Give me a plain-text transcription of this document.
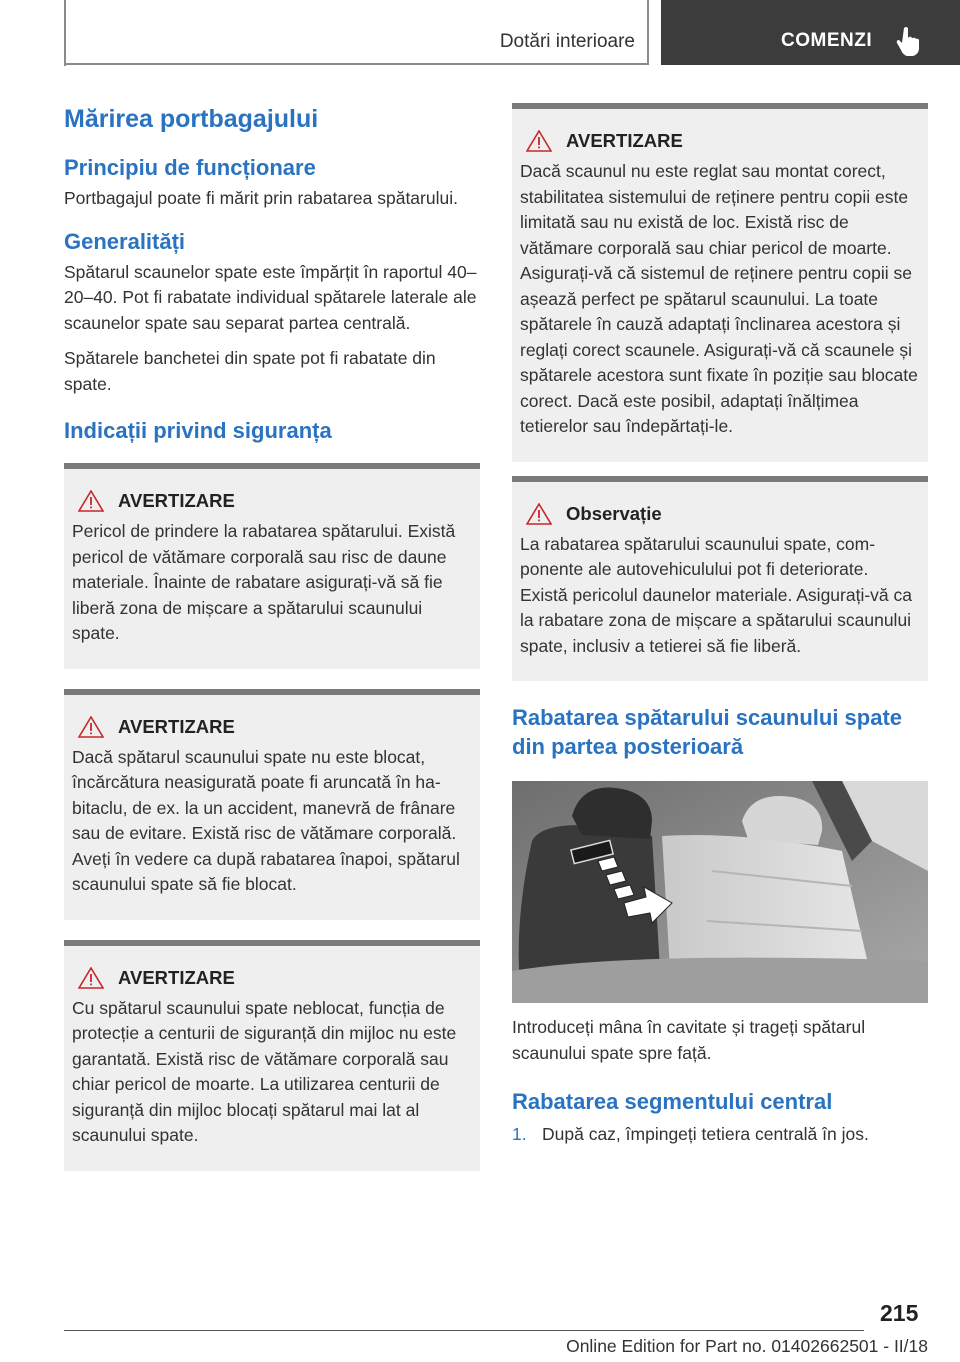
Dotări interioare	COMENZI
Mărirea portbagajului
Principiu de funcționare

Portbagajul poate fi mărit prin rabatarea spătarului.

Generalități

Spătarul scaunelor spate este împărțit în raportul 40–20–40. Pot fi rabatate individual spătarele laterale ale scaunelor spate sau separat partea centrală.

Spătarele banchetei din spate pot fi rabatate din spate.

Indicații privind siguranța
AVERTIZARE

Pericol de prindere la rabatarea spătarului. Există pericol de vătămare corporală sau risc de daune materiale. Înainte de rabatare asigurați-vă să fie liberă zona de mișcare a spătarului scaunului spate.

AVERTIZARE

Dacă spătarul scaunului spate nu este blocat, încărcătura neasigurată poate fi aruncată în habitaclu, de ex. la un accident, manevră de frânare sau de evitare. Există risc de vătămare corporală. Aveți în vedere ca după rabatarea înapoi, spătarul scaunului spate să fie blocat.

AVERTIZARE

Cu spătarul scaunului spate neblocat, funcția de protecție a centurii de siguranță din mijloc nu este garantată. Există risc de vătămare corporală sau chiar pericol de moarte. La utilizarea centurii de siguranță din mijloc blocați spătarul mai lat al scaunului spate.

AVERTIZARE

Dacă scaunul nu este reglat sau montat corect, stabilitatea sistemului de reținere pentru copii este limitată sau nu există de loc. Există risc de vătămare corporală sau chiar pericol de moarte. Asigurați-vă că sistemul de reținere pentru copii se așează perfect pe spătarul scaunului. La toate spătarele în cauză adaptați înclinarea acestora și reglați corect scaunele. Asigurați-vă că scaunele și spătarele acestora sunt fixate în poziție sau blocate corect. Dacă este posibil, adaptați înălțimea tetierelor sau îndepărtați-le.

Observație

La rabatarea spătarului scaunului spate, componente ale autovehiculului pot fi deteriorate. Există pericolul daunelor materiale. Asigurați-vă ca la rabatare zona de mișcare a spătarului scaunului spate, inclusiv a tetierei să fie liberă.

Rabatarea spătarului scaunului spate din partea posterioară

Introduceți mâna în cavitate și trageți spătarul scaunului spate spre față.

Rabatarea segmentului central
1. După caz, împingeți tetiera centrală în jos.
215
Online Edition for Part no. 01402662501 - II/18
